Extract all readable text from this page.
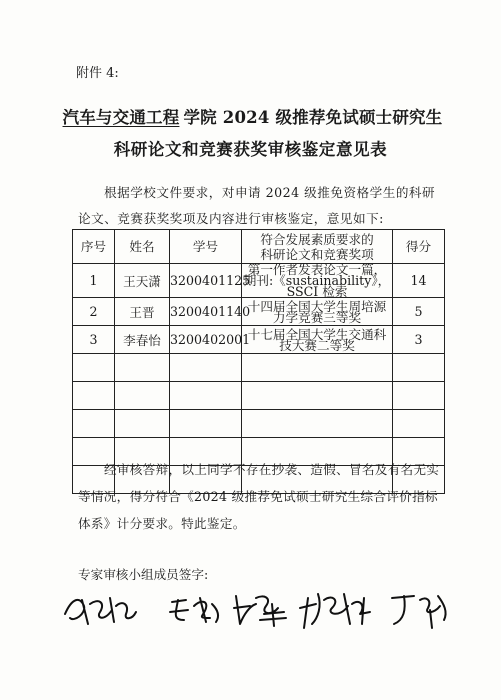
附件 4:
汽车与交通工程 学院 2024 级推荐免试硕士研究生
科研论文和竞赛获奖审核鉴定意见表
根据学校文件要求，对申请 2024 级推免资格学生的科研论文、竞赛获奖奖项及内容进行审核鉴定，意见如下:
序号	姓名	学号	符合发展素质要求的科研论文和竞赛奖项	得分
1	王天潇	3200401125	第一作者发表论文一篇，期刊:《sustainability》，SSCI 检索	14
2	王晋	3200401140	十四届全国大学生周培源力学竞赛三等奖	5
3	李春怡	3200402001	十七届全国大学生交通科技大赛二等奖	3

经审核答辩，以上同学不存在抄袭、造假、冒名及有名无实等情况，得分符合《2024 级推荐免试硕士研究生综合评价指标体系》计分要求。特此鉴定。
专家审核小组成员签字:
